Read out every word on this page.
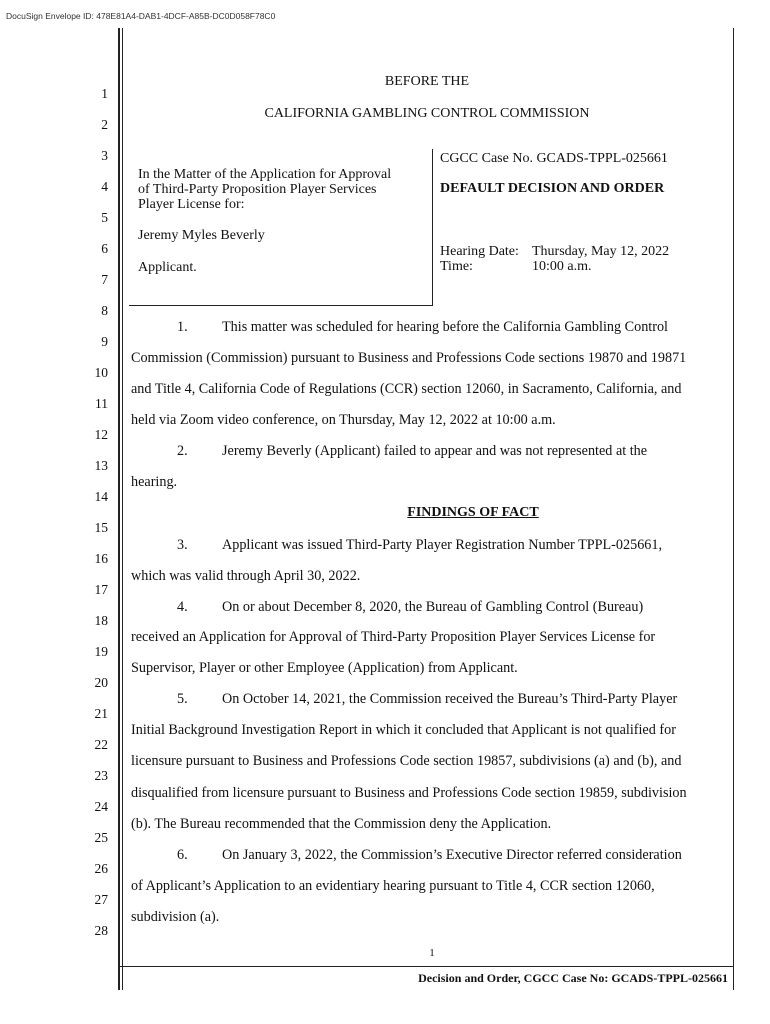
DocuSign Envelope ID: 478E81A4-DAB1-4DCF-A85B-DC0D058F78C0
1
2
3
4
5
6
7
8
9
10
11
12
13
14
15
16
17
18
19
20
21
22
23
24
25
26
27
28
BEFORE THE
CALIFORNIA GAMBLING CONTROL COMMISSION
In the Matter of the Application for Approval
of Third-Party Proposition Player Services
Player License for:
Jeremy Myles Beverly
Applicant.
CGCC Case No. GCADS-TPPL-025661
DEFAULT DECISION AND ORDER
Hearing Date: Thursday, May 12, 2022
Time:	10:00 a.m.
1. This matter was scheduled for hearing before the California Gambling Control
Commission (Commission) pursuant to Business and Professions Code sections 19870 and 19871
and Title 4, California Code of Regulations (CCR) section 12060, in Sacramento, California, and
held via Zoom video conference, on Thursday, May 12, 2022 at 10:00 a.m.
2. Jeremy Beverly (Applicant) failed to appear and was not represented at the
hearing.
FINDINGS OF FACT
3. Applicant was issued Third-Party Player Registration Number TPPL-025661,
which was valid through April 30, 2022.
4. On or about December 8, 2020, the Bureau of Gambling Control (Bureau)
received an Application for Approval of Third-Party Proposition Player Services License for
Supervisor, Player or other Employee (Application) from Applicant.
5. On October 14, 2021, the Commission received the Bureau’s Third-Party Player
Initial Background Investigation Report in which it concluded that Applicant is not qualified for
licensure pursuant to Business and Professions Code section 19857, subdivisions (a) and (b), and
disqualified from licensure pursuant to Business and Professions Code section 19859, subdivision
(b). The Bureau recommended that the Commission deny the Application.
6. On January 3, 2022, the Commission’s Executive Director referred consideration
of Applicant’s Application to an evidentiary hearing pursuant to Title 4, CCR section 12060,
subdivision (a).
1
Decision and Order, CGCC Case No: GCADS-TPPL-025661
